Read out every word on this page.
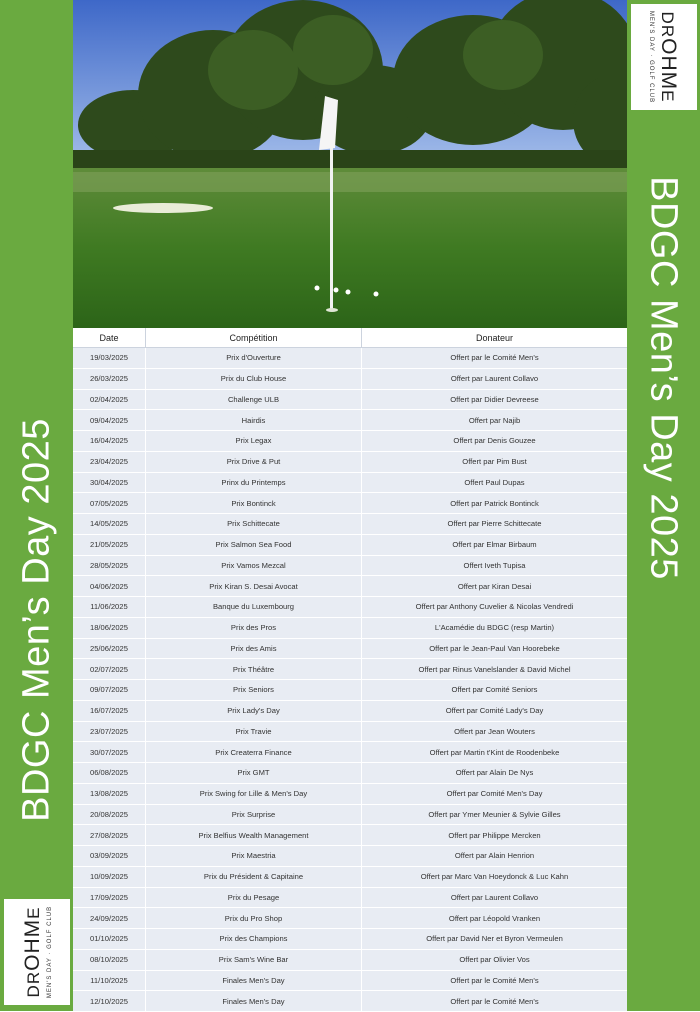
BDGC Men’s Day 2025
DROHME MEN'S DAY · GOLF CLUB
DROHME
MEN'S DAY · GOLF CLUB
BDGC Men’s Day 2025
Date	Compétition	Donateur
19/03/2025	Prix d'Ouverture	Offert par le Comité Men's
26/03/2025	Prix du Club House	Offert par Laurent Collavo
02/04/2025	Challenge ULB	Offert par Didier Devreese
09/04/2025	Hairdis	Offert par Najib
16/04/2025	Prix Legax	Offert par Denis Gouzee
23/04/2025	Prix Drive & Put	Offert par Pim Bust
30/04/2025	Prinx du Printemps	Offert Paul Dupas
07/05/2025	Prix Bontinck	Offert par Patrick Bontinck
14/05/2025	Prix Schittecate	Offert par Pierre Schittecate
21/05/2025	Prix Salmon Sea Food	Offert par Elmar Birbaum
28/05/2025	Prix Vamos Mezcal	Offert Iveth Tupisa
04/06/2025	Prix Kiran S. Desai Avocat	Offert par Kiran Desai
11/06/2025	Banque du Luxembourg	Offert par Anthony Cuvelier & Nicolas Vendredi
18/06/2025	Prix des Pros	L'Acamédie du BDGC (resp Martin)
25/06/2025	Prix des Amis	Offert par le Jean-Paul Van Hoorebeke
02/07/2025	Prix Théâtre	Offert par Rinus Vanelslander & David Michel
09/07/2025	Prix Seniors	Offert par Comité Seniors
16/07/2025	Prix Lady's Day	Offert par Comité Lady's Day
23/07/2025	Prix Travie	Offert par Jean Wouters
30/07/2025	Prix Createrra Finance	Offert par Martin t'Kint de Roodenbeke
06/08/2025	Prix GMT	Offert par Alain De Nys
13/08/2025	Prix Swing for Lille & Men's Day	Offert par Comité Men's Day
20/08/2025	Prix Surprise	Offert par Ymer Meunier & Sylvie Gilles
27/08/2025	Prix Belfius Wealth Management	Offert par Philippe Mercken
03/09/2025	Prix Maestria	Offert par Alain Henrion
10/09/2025	Prix du Président & Capitaine	Offert par Marc Van Hoeydonck & Luc Kahn
17/09/2025	Prix du Pesage	Offert par Laurent Collavo
24/09/2025	Prix du Pro Shop	Offert par Léopold Vranken
01/10/2025	Prix des Champions	Offert par David Ner et Byron Vermeulen
08/10/2025	Prix Sam's Wine Bar	Offert par Olivier Vos
11/10/2025	Finales Men's Day	Offert par le Comité Men's
12/10/2025	Finales Men's Day	Offert par le Comité Men's
